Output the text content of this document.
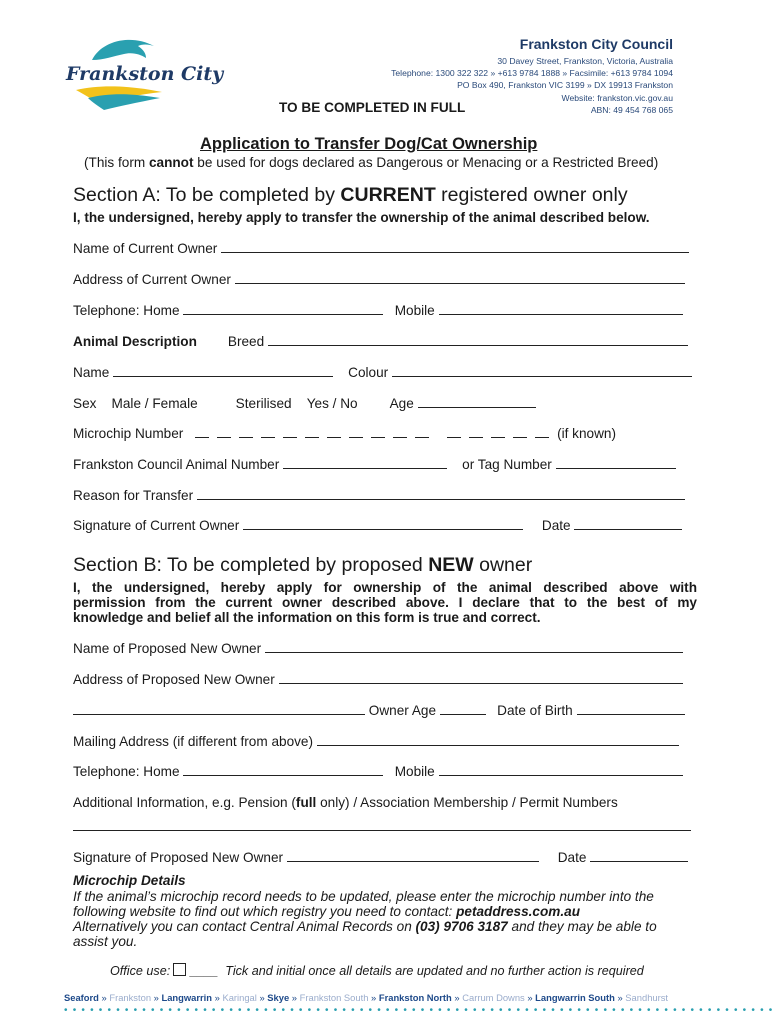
Frankston City
Frankston City Council
30 Davey Street, Frankston, Victoria, Australia
Telephone: 1300 322 322 » +613 9784 1888 » Facsimile: +613 9784 1094
PO Box 490, Frankston VIC 3199 » DX 19913 Frankston
Website: frankston.vic.gov.au
ABN: 49 454 768 065
TO BE COMPLETED IN FULL
Application to Transfer Dog/Cat Ownership
(This form cannot be used for dogs declared as Dangerous or Menacing or a Restricted Breed)
Section A: To be completed by CURRENT registered owner only
I, the undersigned, hereby apply to transfer the ownership of the animal described below.
Name of Current Owner
Address of Current Owner
Telephone: Home	Mobile
Animal Description Breed
Name	Colour
Sex Male / Female	Sterilised Yes / No Age
Microchip Number	(if known)
Frankston Council Animal Number	or Tag Number
Reason for Transfer
Signature of Current Owner	Date
Section B: To be completed by proposed NEW owner
I, the undersigned, hereby apply for ownership of the animal described above with
permission from the current owner described above. I declare that to the best of my
knowledge and belief all the information on this form is true and correct.
Name of Proposed New Owner
Address of Proposed New Owner
Owner Age	Date of Birth
Mailing Address (if different from above)
Telephone: Home	Mobile
Additional Information, e.g. Pension (full only) / Association Membership / Permit Numbers
Signature of Proposed New Owner	Date
Microchip Details
If the animal’s microchip record needs to be updated, please enter the microchip number into the
following website to find out which registry you need to contact: petaddress.com.au
Alternatively you can contact Central Animal Records on (03) 9706 3187 and they may be able to
assist you.
Office use: ____ Tick and initial once all details are updated and no further action is required
Seaford » Frankston » Langwarrin » Karingal » Skye » Frankston South » Frankston North » Carrum Downs » Langwarrin South » Sandhurst
••••••••••••••••••••••••••••••••••••••••••••••••••••••••••••••••••••••••••••••••••
